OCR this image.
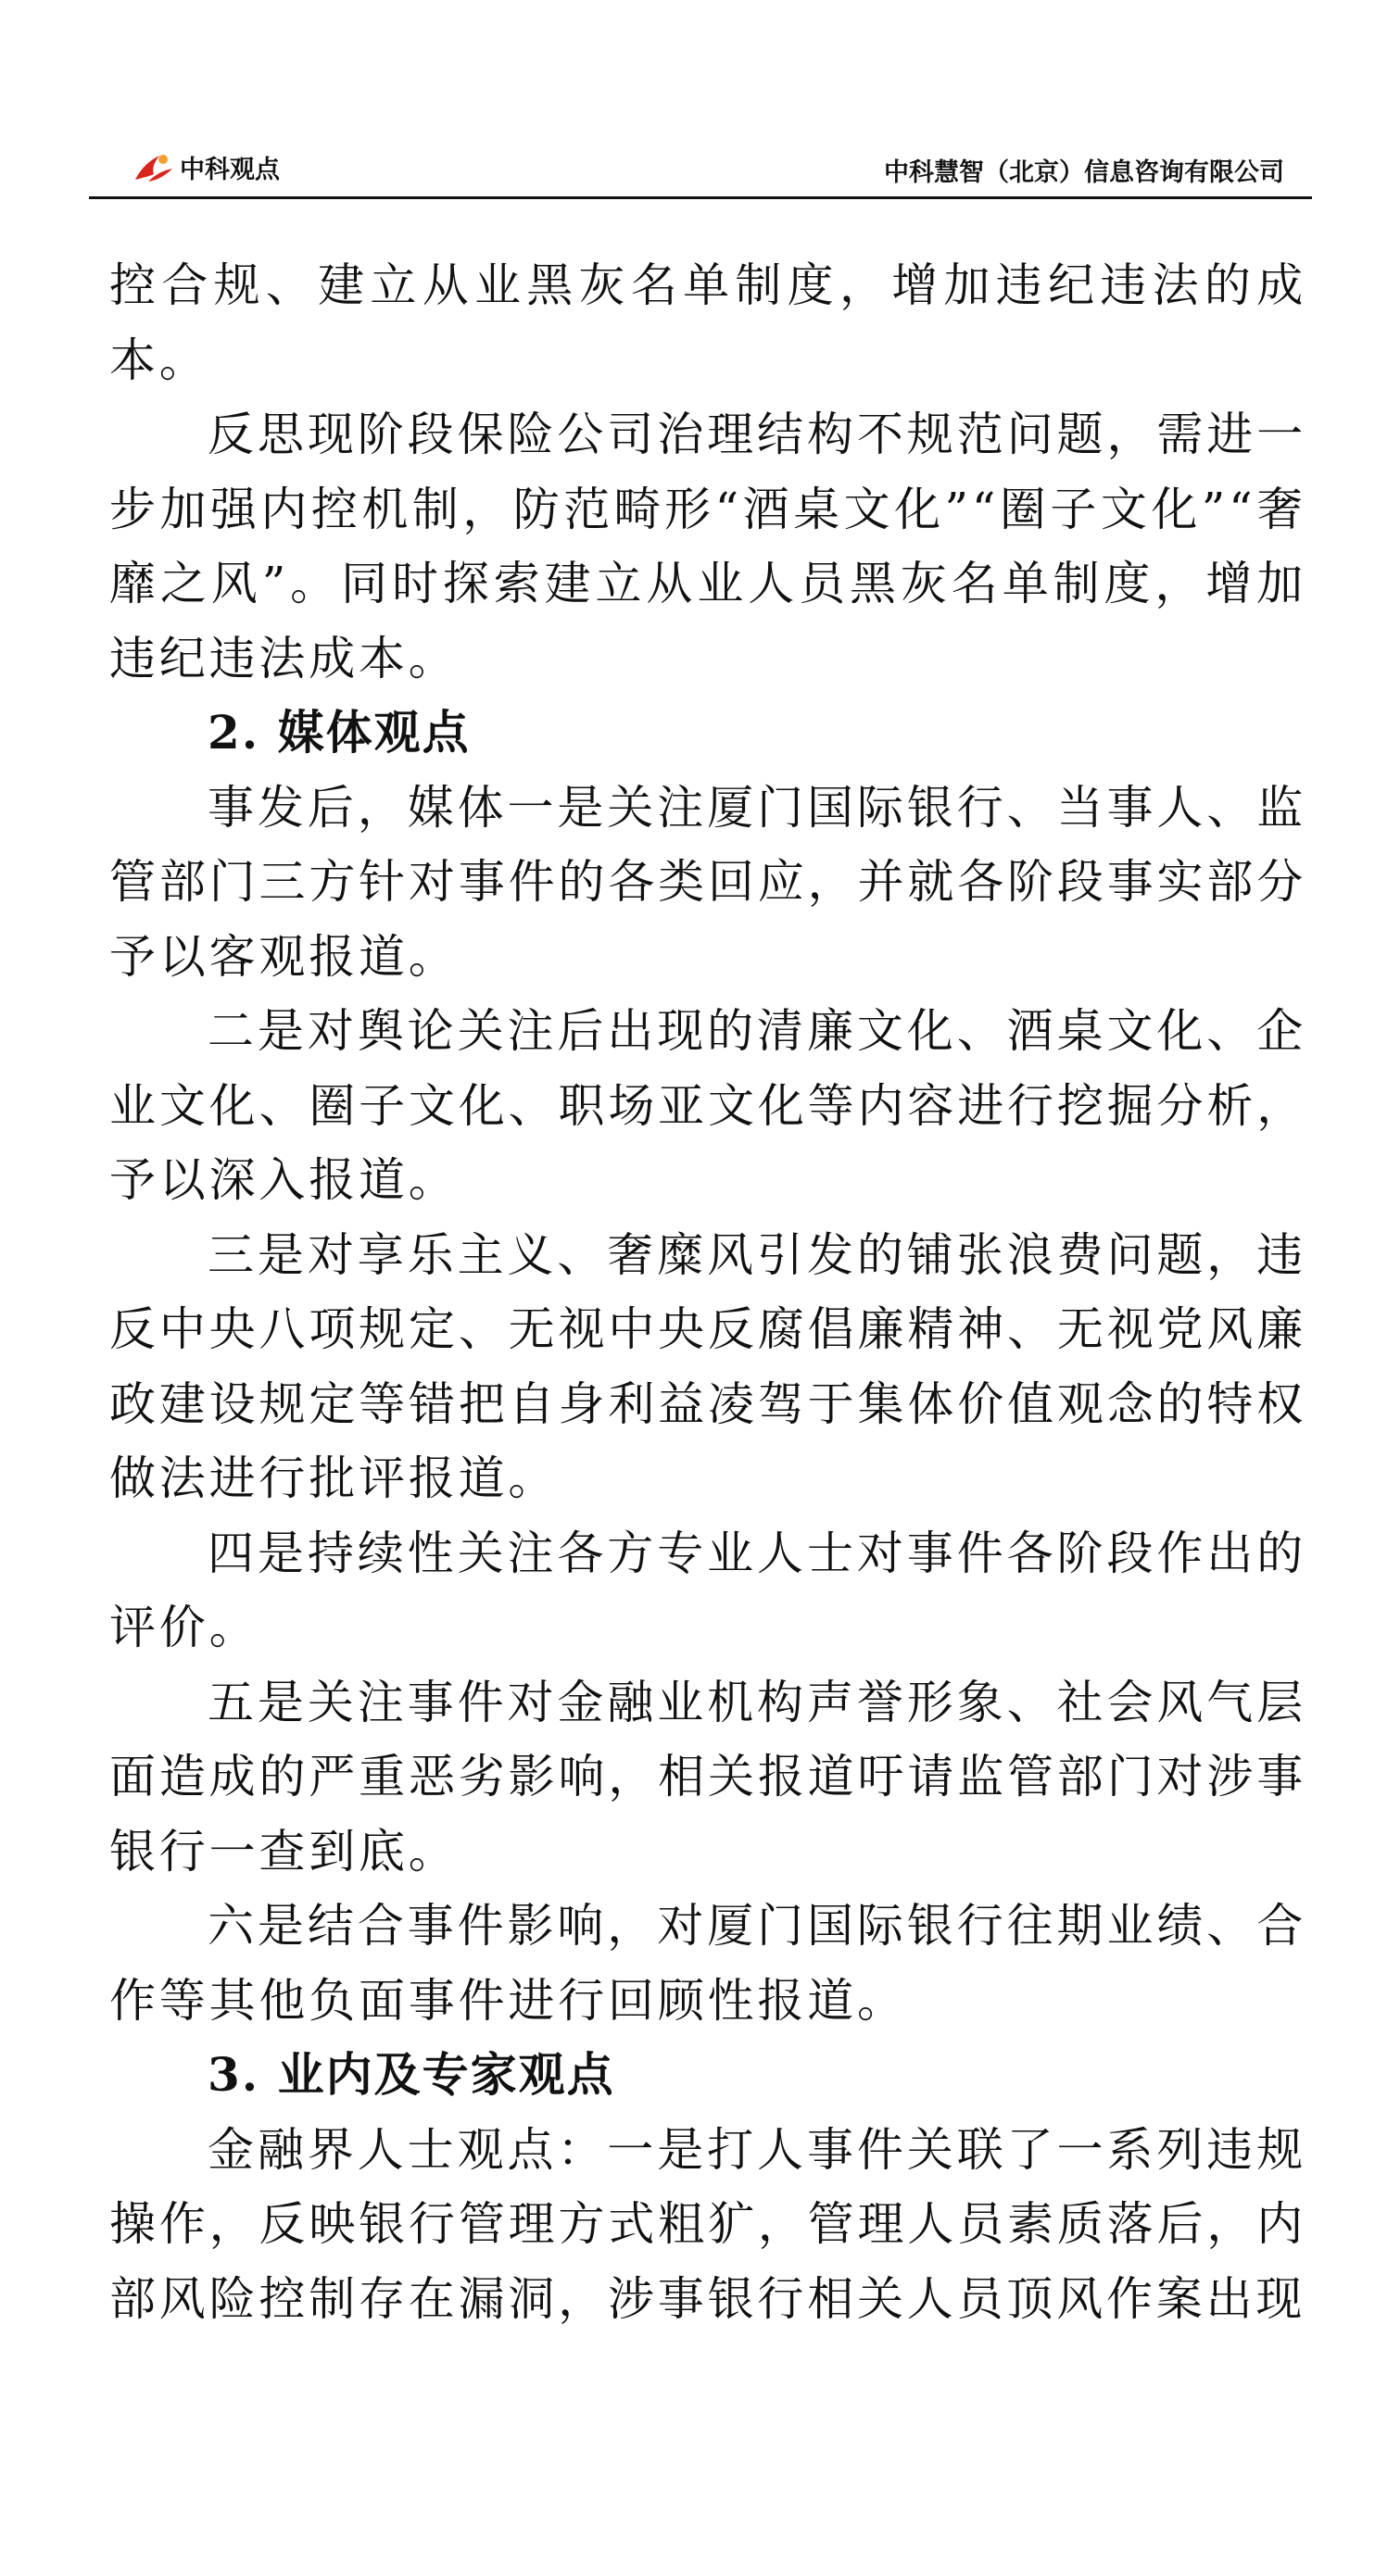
中科观点	中科慧智（北京）信息咨询有限公司

控合规、建立从业黑灰名单制度，增加违纪违法的成本。

反思现阶段保险公司治理结构不规范问题，需进一步加强内控机制，防范畸形“酒桌文化”“圈子文化”“奢靡之风”。同时探索建立从业人员黑灰名单制度，增加违纪违法成本。

2. 媒体观点

事发后，媒体一是关注厦门国际银行、当事人、监管部门三方针对事件的各类回应，并就各阶段事实部分予以客观报道。

二是对舆论关注后出现的清廉文化、酒桌文化、企业文化、圈子文化、职场亚文化等内容进行挖掘分析，予以深入报道。

三是对享乐主义、奢糜风引发的铺张浪费问题，违反中央八项规定、无视中央反腐倡廉精神、无视党风廉政建设规定等错把自身利益凌驾于集体价值观念的特权做法进行批评报道。

四是持续性关注各方专业人士对事件各阶段作出的评价。

五是关注事件对金融业机构声誉形象、社会风气层面造成的严重恶劣影响，相关报道吁请监管部门对涉事银行一查到底。

六是结合事件影响，对厦门国际银行往期业绩、合作等其他负面事件进行回顾性报道。

3. 业内及专家观点

金融界人士观点：一是打人事件关联了一系列违规操作，反映银行管理方式粗犷，管理人员素质落后，内部风险控制存在漏洞，涉事银行相关人员顶风作案出现
